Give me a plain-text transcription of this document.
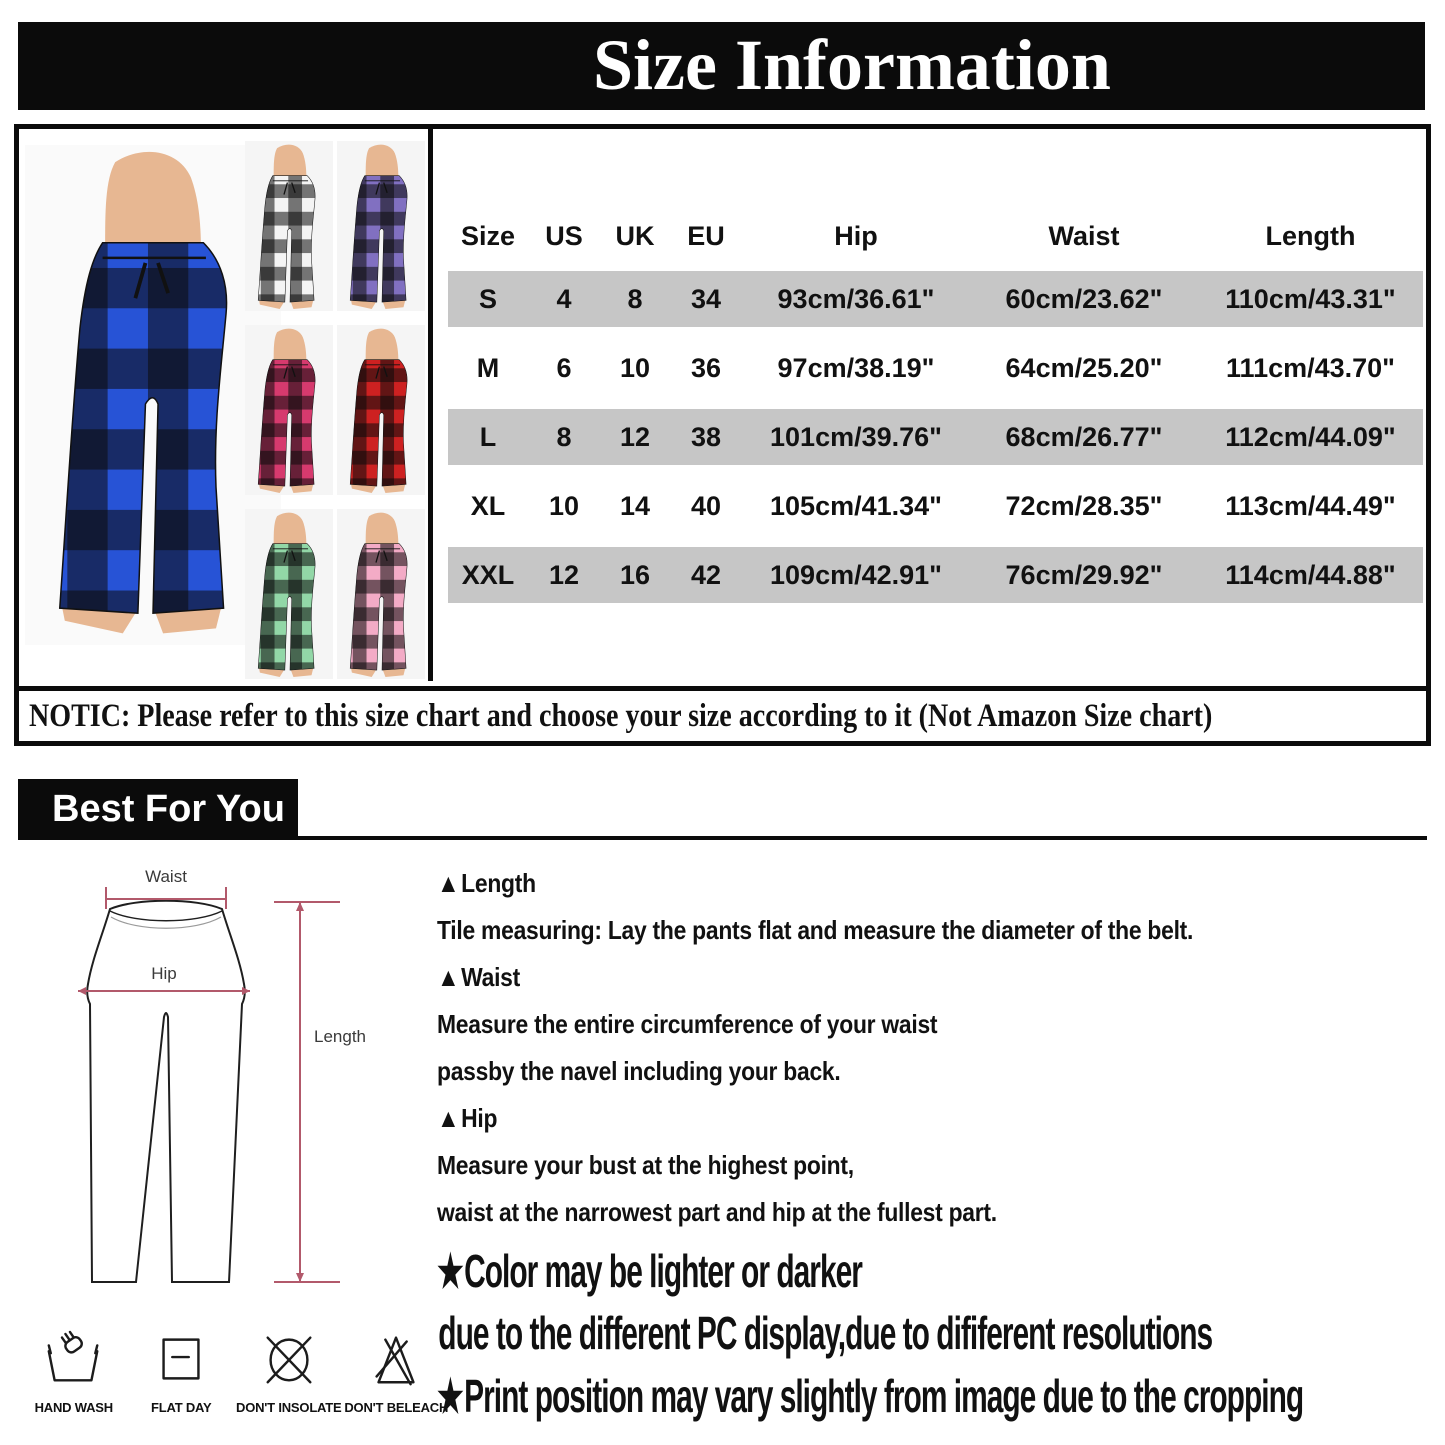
Size Information
Size	US	UK	EU	Hip	Waist	Length
S	4	8	34	93cm/36.61"	60cm/23.62"	110cm/43.31"
M	6	10	36	97cm/38.19"	64cm/25.20"	111cm/43.70"
L	8	12	38	101cm/39.76"	68cm/26.77"	112cm/44.09"
XL	10	14	40	105cm/41.34"	72cm/28.35"	113cm/44.49"
XXL	12	16	42	109cm/42.91"	76cm/29.92"	114cm/44.88"
NOTIC: Please refer to this size chart and choose your size according to it (Not Amazon Size chart)
Best For You
Waist
Hip
Length
▲Length
Tile measuring: Lay the pants flat and measure the diameter of the belt.
▲Waist
Measure the entire circumference of your waist
passby the navel including your back.
▲Hip
Measure your bust at the highest point,
waist at the narrowest part and hip at the fullest part.
★Color may be lighter or darker
due to the different PC display,due to dififerent resolutions
★Print position may vary slightly from image due to the cropping
HAND WASH	FLAT DAY DON'T INSOLATE DON'T BELEACH
